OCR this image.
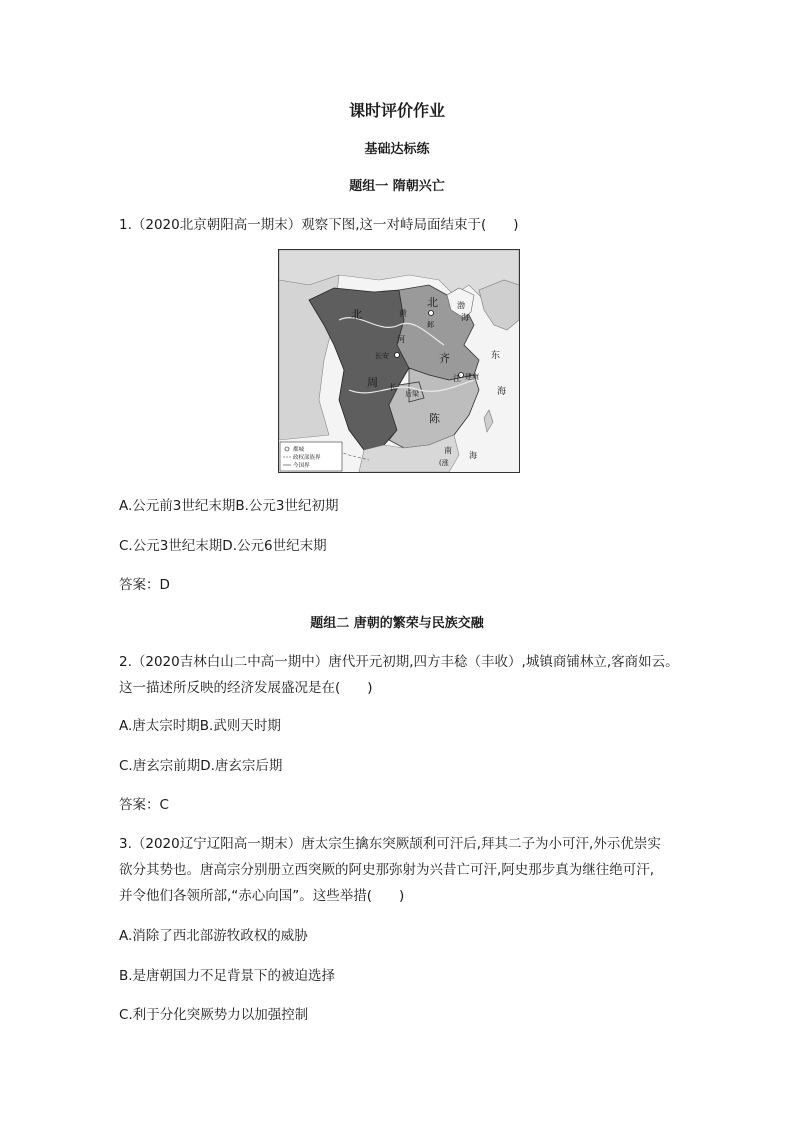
课时评价作业
基础达标练
题组一 隋朝兴亡
1.（2020北京朝阳高一期末）观察下图,这一对峙局面结束于(　　)
北
周
北
齐
陈
黄
河
渤
海
东
海
长安
邺
建康
后梁
长
江
南
海
(涨
都城
政权部族界
今国界
A.公元前3世纪末期B.公元3世纪初期
C.公元3世纪末期D.公元6世纪末期
答案：D
题组二 唐朝的繁荣与民族交融
2.（2020吉林白山二中高一期中）唐代开元初期,四方丰稔（丰收）,城镇商铺林立,客商如云。
这一描述所反映的经济发展盛况是在(　　)
A.唐太宗时期B.武则天时期
C.唐玄宗前期D.唐玄宗后期
答案：C
3.（2020辽宁辽阳高一期末）唐太宗生擒东突厥颉利可汗后,拜其二子为小可汗,外示优崇实
欲分其势也。唐高宗分别册立西突厥的阿史那弥射为兴昔亡可汗,阿史那步真为继往绝可汗,
并令他们各领所部,“赤心向国”。这些举措(　　)
A.消除了西北部游牧政权的威胁
B.是唐朝国力不足背景下的被迫选择
C.利于分化突厥势力以加强控制
